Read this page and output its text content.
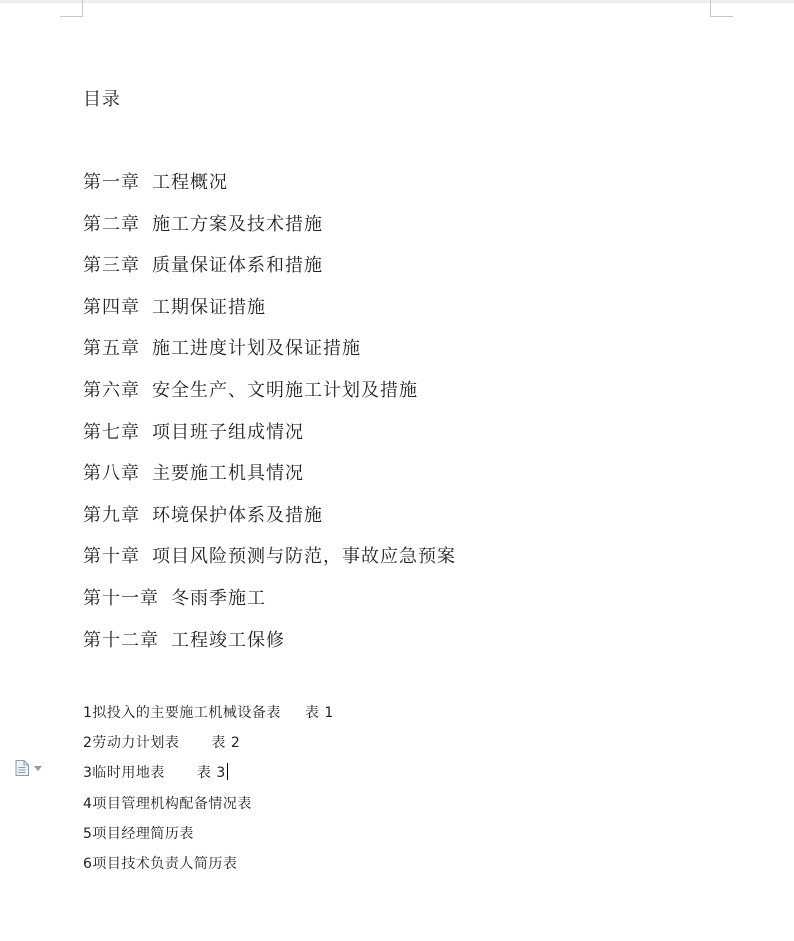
目录
第一章 工程概况
第二章 施工方案及技术措施
第三章 质量保证体系和措施
第四章 工期保证措施
第五章 施工进度计划及保证措施
第六章 安全生产、文明施工计划及措施
第七章 项目班子组成情况
第八章 主要施工机具情况
第九章 环境保护体系及措施
第十章 项目风险预测与防范，事故应急预案
第十一章 冬雨季施工
第十二章 工程竣工保修
1拟投入的主要施工机械设备表 表 1
2劳动力计划表 表 2
3临时用地表 表 3
4项目管理机构配备情况表
5项目经理简历表
6项目技术负责人简历表
